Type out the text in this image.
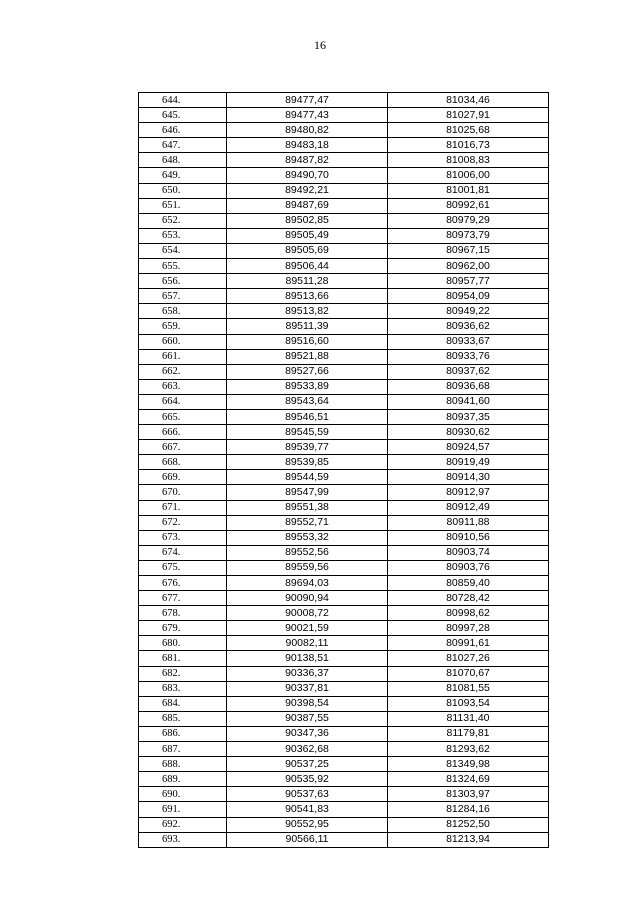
16
644.	89477,47	81034,46
645.	89477,43	81027,91
646.	89480,82	81025,68
647.	89483,18	81016,73
648.	89487,82	81008,83
649.	89490,70	81006,00
650.	89492,21	81001,81
651.	89487,69	80992,61
652.	89502,85	80979,29
653.	89505,49	80973,79
654.	89505,69	80967,15
655.	89506,44	80962,00
656.	89511,28	80957,77
657.	89513,66	80954,09
658.	89513,82	80949,22
659.	89511,39	80936,62
660.	89516,60	80933,67
661.	89521,88	80933,76
662.	89527,66	80937,62
663.	89533,89	80936,68
664.	89543,64	80941,60
665.	89546,51	80937,35
666.	89545,59	80930,62
667.	89539,77	80924,57
668.	89539,85	80919,49
669.	89544,59	80914,30
670.	89547,99	80912,97
671.	89551,38	80912,49
672.	89552,71	80911,88
673.	89553,32	80910,56
674.	89552,56	80903,74
675.	89559,56	80903,76
676.	89694,03	80859,40
677.	90090,94	80728,42
678.	90008,72	80998,62
679.	90021,59	80997,28
680.	90082,11	80991,61
681.	90138,51	81027,26
682.	90336,37	81070,67
683.	90337,81	81081,55
684.	90398,54	81093,54
685.	90387,55	81131,40
686.	90347,36	81179,81
687.	90362,68	81293,62
688.	90537,25	81349,98
689.	90535,92	81324,69
690.	90537,63	81303,97
691.	90541,83	81284,16
692.	90552,95	81252,50
693.	90566,11	81213,94
